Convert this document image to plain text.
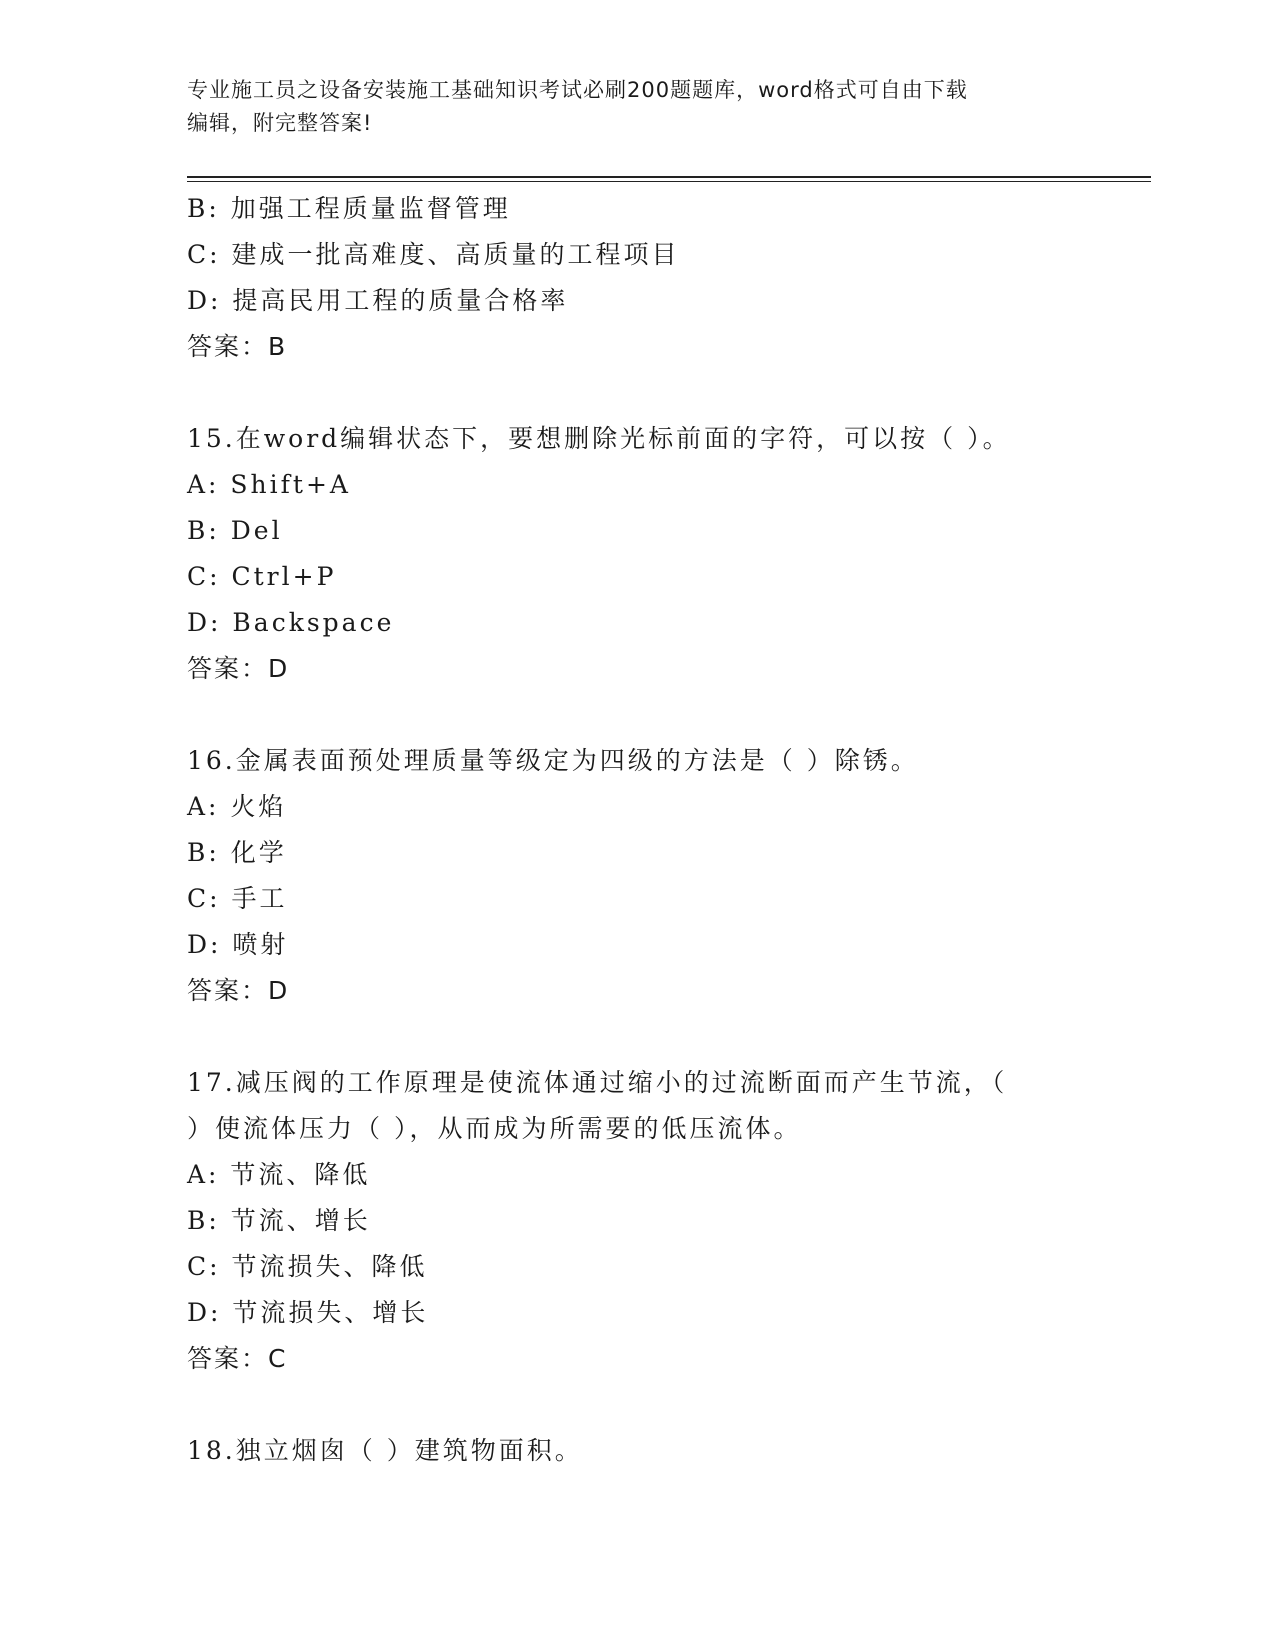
专业施工员之设备安装施工基础知识考试必刷200题题库，word格式可自由下载
编辑，附完整答案!
B: 加强工程质量监督管理
C: 建成一批高难度、高质量的工程项目
D: 提高民用工程的质量合格率
答案：B
15.在word编辑状态下，要想删除光标前面的字符，可以按（ ）。
A: Shift+A
B: Del
C: Ctrl+P
D: Backspace
答案：D
16.金属表面预处理质量等级定为四级的方法是（ ）除锈。
A: 火焰
B: 化学
C: 手工
D: 喷射
答案：D
17.减压阀的工作原理是使流体通过缩小的过流断面而产生节流，（
）使流体压力（ ），从而成为所需要的低压流体。
A: 节流、降低
B: 节流、增长
C: 节流损失、降低
D: 节流损失、增长
答案：C
18.独立烟囱（ ）建筑物面积。
